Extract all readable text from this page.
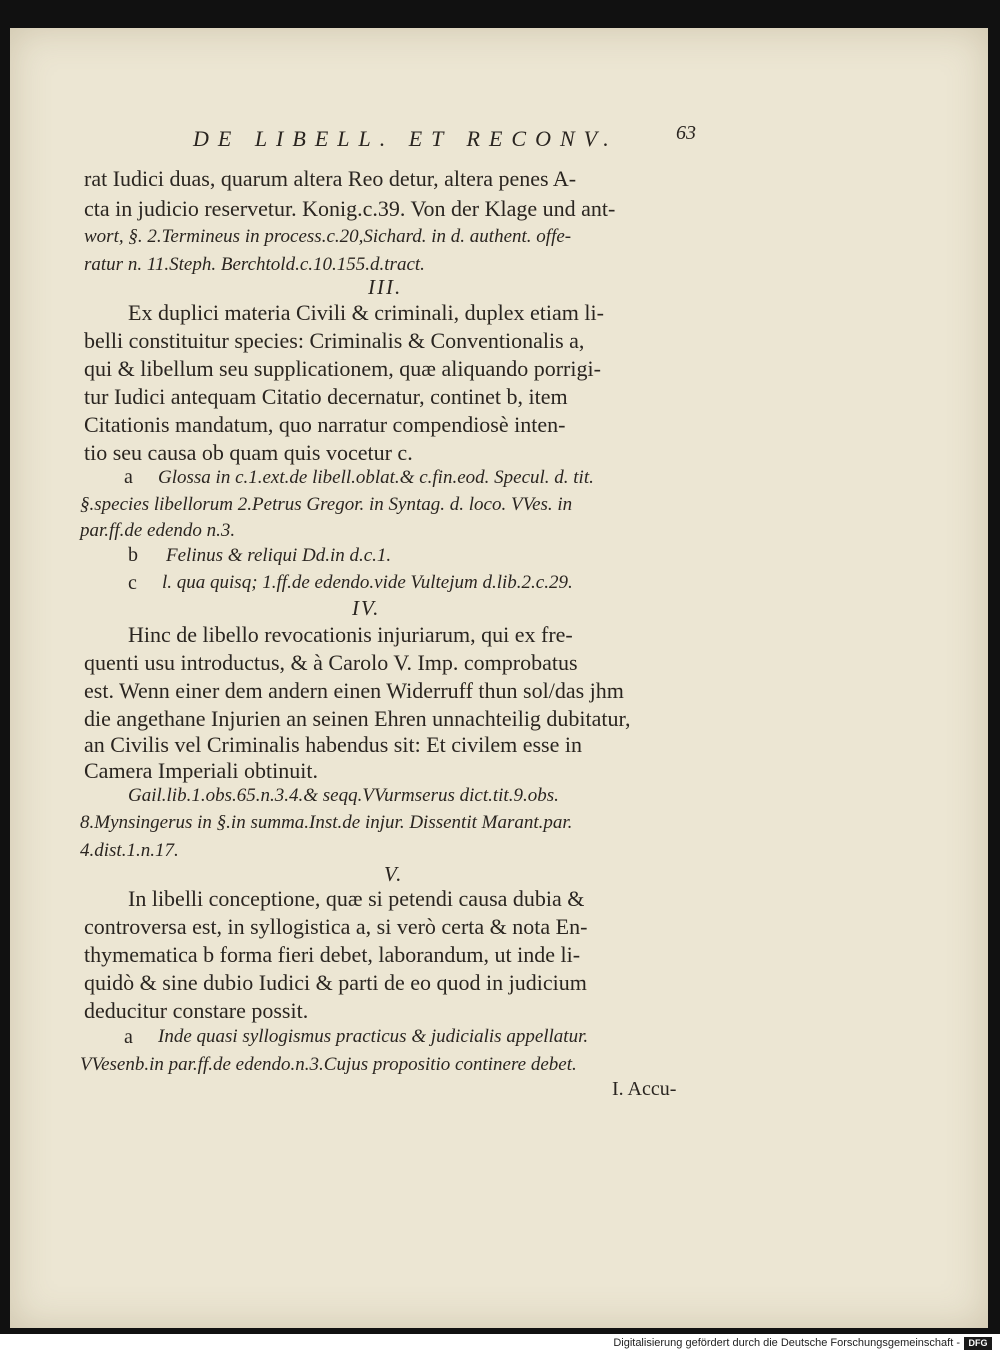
DE LIBELL. ET RECONV.	63
rat Iudici duas, quarum altera Reo detur, altera penes A-
cta in judicio reservetur. Konig.c.39. Von der Klage und ant-
wort, §. 2.Termineus in process.c.20,Sichard. in d. authent. offe-
ratur n. 11.Steph. Berchtold.c.10.155.d.tract.
III.
Ex duplici materia Civili & criminali, duplex etiam li-
belli constituitur species: Criminalis & Conventionalis a,
qui & libellum seu supplicationem, quæ aliquando porrigi-
tur Iudici antequam Citatio decernatur, continet b, item
Citationis mandatum, quo narratur compendiosè inten-
tio seu causa ob quam quis vocetur c.
a Glossa in c.1.ext.de libell.oblat.& c.fin.eod. Specul. d. tit.
§.species libellorum 2.Petrus Gregor. in Syntag. d. loco. VVes. in
par.ff.de edendo n.3.
b Felinus & reliqui Dd.in d.c.1.
c l. qua quisq; 1.ff.de edendo.vide Vultejum d.lib.2.c.29.
IV.
Hinc de libello revocationis injuriarum, qui ex fre-
quenti usu introductus, & à Carolo V. Imp. comprobatus
est. Wenn einer dem andern einen Widerruff thun sol/das jhm
die angethane Injurien an seinen Ehren unnachteilig dubitatur,
an Civilis vel Criminalis habendus sit: Et civilem esse in
Camera Imperiali obtinuit.
Gail.lib.1.obs.65.n.3.4.& seqq.VVurmserus dict.tit.9.obs.
8.Mynsingerus in §.in summa.Inst.de injur. Dissentit Marant.par.
4.dist.1.n.17.
V.
In libelli conceptione, quæ si petendi causa dubia &
controversa est, in syllogistica a, si verò certa & nota En-
thymematica b forma fieri debet, laborandum, ut inde li-
quidò & sine dubio Iudici & parti de eo quod in judicium
deducitur constare possit.
a Inde quasi syllogismus practicus & judicialis appellatur.
VVesenb.in par.ff.de edendo.n.3.Cujus propositio continere debet.
I. Accu-
Digitalisierung gefördert durch die Deutsche Forschungsgemeinschaft - DFG
